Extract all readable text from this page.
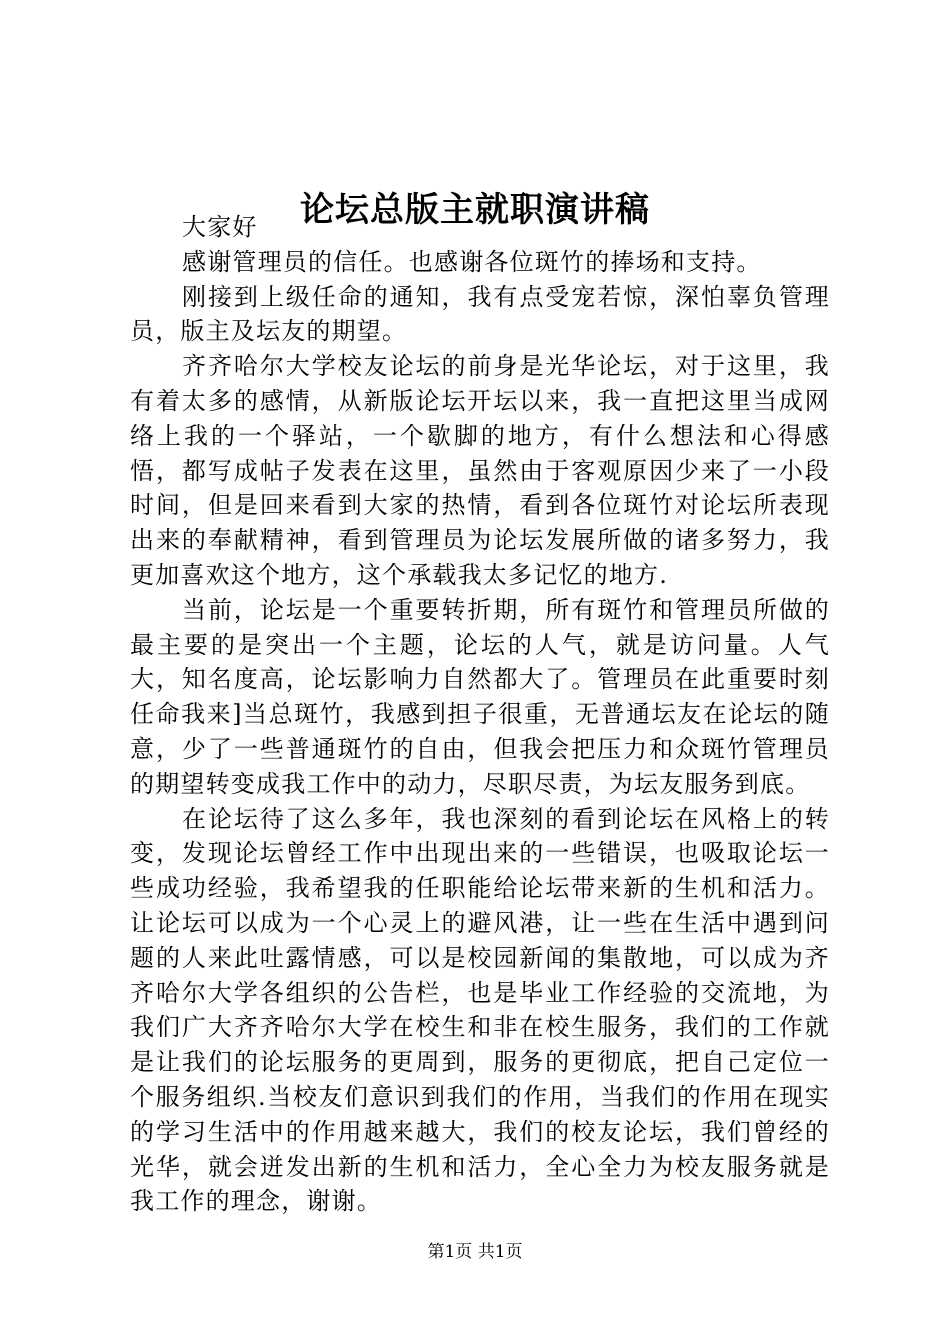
论坛总版主就职演讲稿

大家好

感谢管理员的信任。也感谢各位斑竹的捧场和支持。

刚接到上级任命的通知，我有点受宠若惊，深怕辜负管理员，版主及坛友的期望。

齐齐哈尔大学校友论坛的前身是光华论坛，对于这里，我有着太多的感情，从新版论坛开坛以来，我一直把这里当成网络上我的一个驿站，一个歇脚的地方，有什么想法和心得感悟，都写成帖子发表在这里，虽然由于客观原因少来了一小段时间，但是回来看到大家的热情，看到各位斑竹对论坛所表现出来的奉献精神，看到管理员为论坛发展所做的诸多努力，我更加喜欢这个地方，这个承载我太多记忆的地方.

当前，论坛是一个重要转折期，所有斑竹和管理员所做的最主要的是突出一个主题，论坛的人气，就是访问量。人气大，知名度高，论坛影响力自然都大了。管理员在此重要时刻任命我来]当总斑竹，我感到担子很重，无普通坛友在论坛的随意，少了一些普通斑竹的自由，但我会把压力和众斑竹管理员的期望转变成我工作中的动力，尽职尽责，为坛友服务到底。

在论坛待了这么多年，我也深刻的看到论坛在风格上的转变，发现论坛曾经工作中出现出来的一些错误，也吸取论坛一些成功经验，我希望我的任职能给论坛带来新的生机和活力。让论坛可以成为一个心灵上的避风港，让一些在生活中遇到问题的人来此吐露情感，可以是校园新闻的集散地，可以成为齐齐哈尔大学各组织的公告栏，也是毕业工作经验的交流地，为我们广大齐齐哈尔大学在校生和非在校生服务，我们的工作就是让我们的论坛服务的更周到，服务的更彻底，把自己定位一个服务组织.当校友们意识到我们的作用，当我们的作用在现实的学习生活中的作用越来越大，我们的校友论坛，我们曾经的光华，就会迸发出新的生机和活力，全心全力为校友服务就是我工作的理念，谢谢。

第1页 共1页
